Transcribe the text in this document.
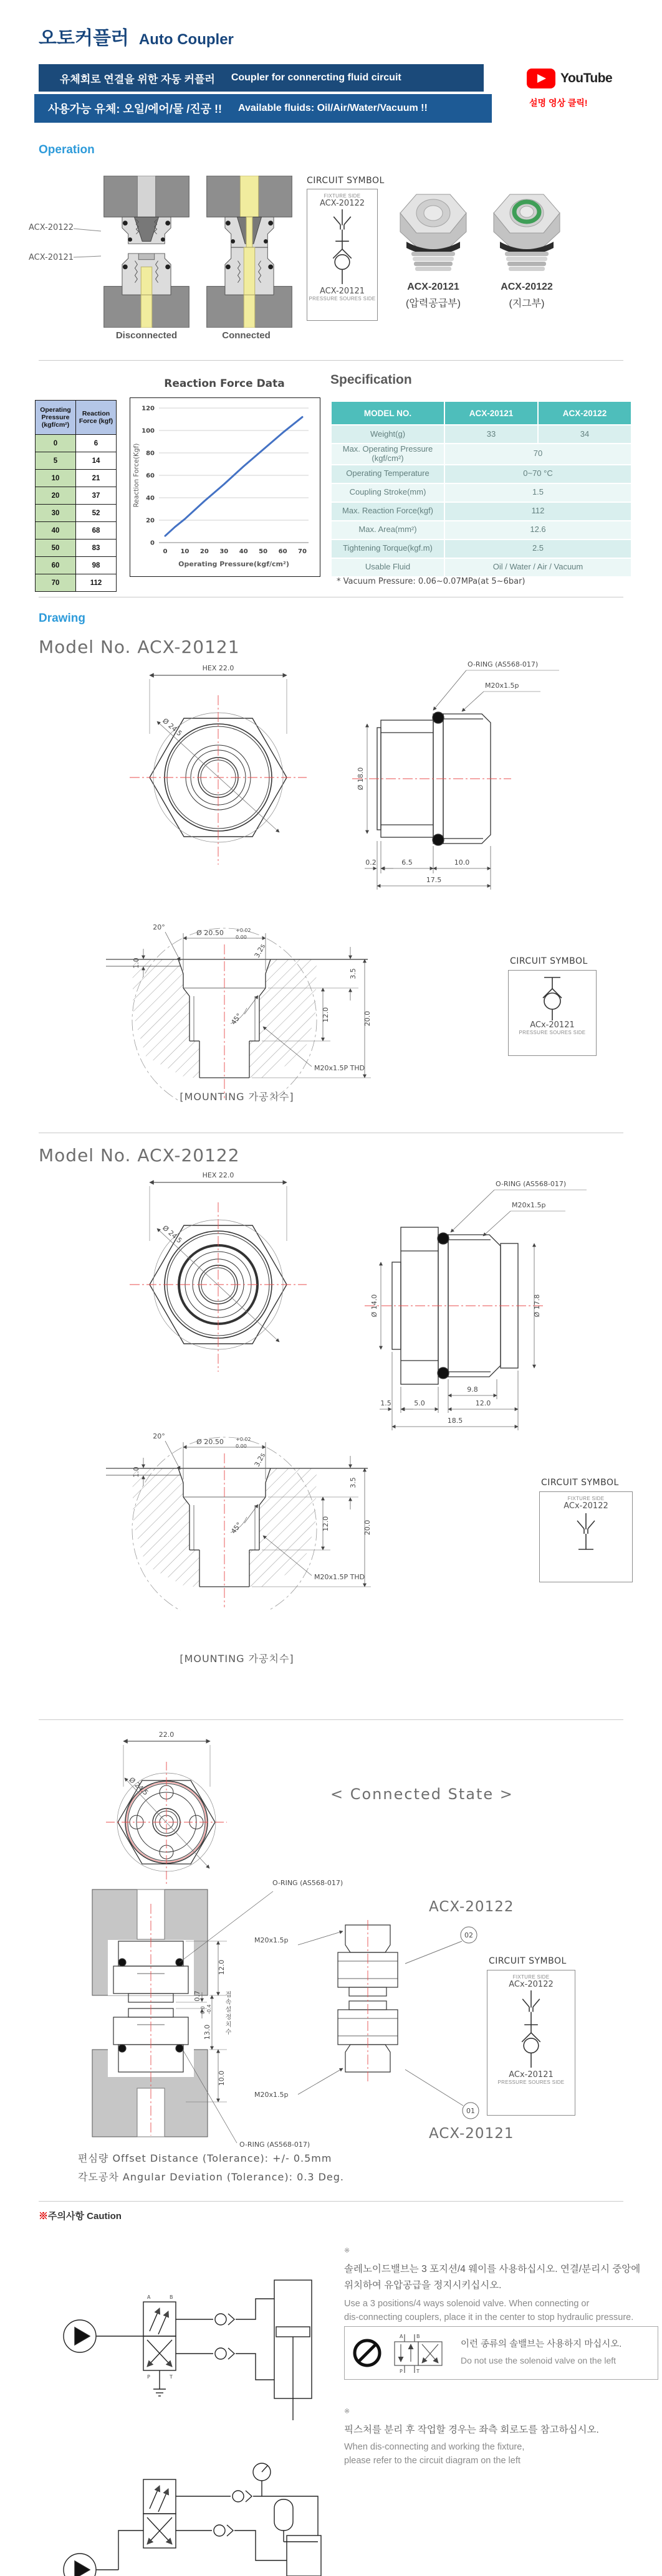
오토커플러 Auto Coupler
유체회로 연결을 위한 자동 커플러 Coupler for connercting fluid circuit
사용가능 유체: 오일/에어/물 /진공 !! Available fluids: Oil/Air/Water/Vacuum !!
YouTube
설명 영상 클릭!
Operation
ACX-20122
ACX-20121
Disconnected	Connected
CIRCUIT SYMBOL
FIXTURE SIDE
ACX-20122
ACX-20121
PRESSURE SOURES SIDE
ACX-20121
(압력공급부)
ACX-20122
(지그부)
Reaction Force Data
Operating Pressure (kgf/cm²)	Reaction Force (kgf)
0	6
5	14
10	21
20	37
30	52
40	68
50	83
60	98
70	112
0
20
40
60
80
100
120
0 10 20 30 40 50 60 70
Reaction Force(Kgf)
Operating Pressure(kgf/cm²)
Specification
MODEL NO.	ACX-20121	ACX-20122
Weight(g)	33	34
Max. Operating Pressure (kgf/cm²)	70	
Operating Temperature	0~70 °C	
Coupling Stroke(mm)	1.5	
Max. Reaction Force(kgf)	112	
Max. Area(mm²)	12.6	
Tightening Torque(kgf.m)	2.5	
Usable Fluid	Oil / Water / Air / Vacuum	
* Vacuum Pressure: 0.06~0.07MPa(at 5~6bar)
Drawing
Model No. ACX-20121
HEX 22.0
Ø 24.5
O-RING (AS568-017)
M20x1.5p
Ø 18.0
0.2	6.5	10.0
17.5
20°
Ø 20.50 +0.02
0.00
1.0
3.2s
3.5
12.0	20.0
45°
M20x1.5P THD
[MOUNTING 가공치수]
CIRCUIT SYMBOL
ACx-20121
PRESSURE SOURES SIDE
Model No. ACX-20122
HEX 22.0
Ø 24.5
O-RING (AS568-017)
M20x1.5p
Ø 14.0	Ø 17.8
9.8
1.5	5.0	12.0
18.5
20°
Ø 20.50 +0.02
0.00
1.0
3.2s
3.5
12.0	20.0
45°
M20x1.5P THD
[MOUNTING 가공치수]
CIRCUIT SYMBOL
FIXTURE SIDE
ACx-20122
22.0
Ø 24.5	< Connected State >
12.0
0.7
13.0
0.0 -0.4
10.0
접속설정치수
O-RING (AS568-017)
O-RING (AS568-017)
02
01
M20x1.5p
M20x1.5p
ACX-20122
ACX-20121
CIRCUIT SYMBOL
FIXTURE SIDE
ACx-20122
ACx-20121
PRESSURE SOURES SIDE
편심량 Offset Distance (Tolerance): +/- 0.5mm
각도공차 Angular Deviation (Tolerance): 0.3 Deg.
※주의사항 Caution
A	B
P	T
※
솔레노이드밸브는 3 포지션/4 웨이를 사용하십시오. 연결/분리시 중앙에
위치하여 유압공급을 정지시키십시오.
Use a 3 positions/4 ways solenoid valve. When connecting or
dis-connecting couplers, place it in the center to stop hydraulic pressure.
A	B
P	T
이런 종류의 솔밸브는 사용하지 마십시오.
Do not use the solenoid valve on the left
※
픽스처를 분리 후 작업할 경우는 좌측 회로도를 참고하십시오.
When dis-connecting and working the fixture,
please refer to the circuit diagram on the left
